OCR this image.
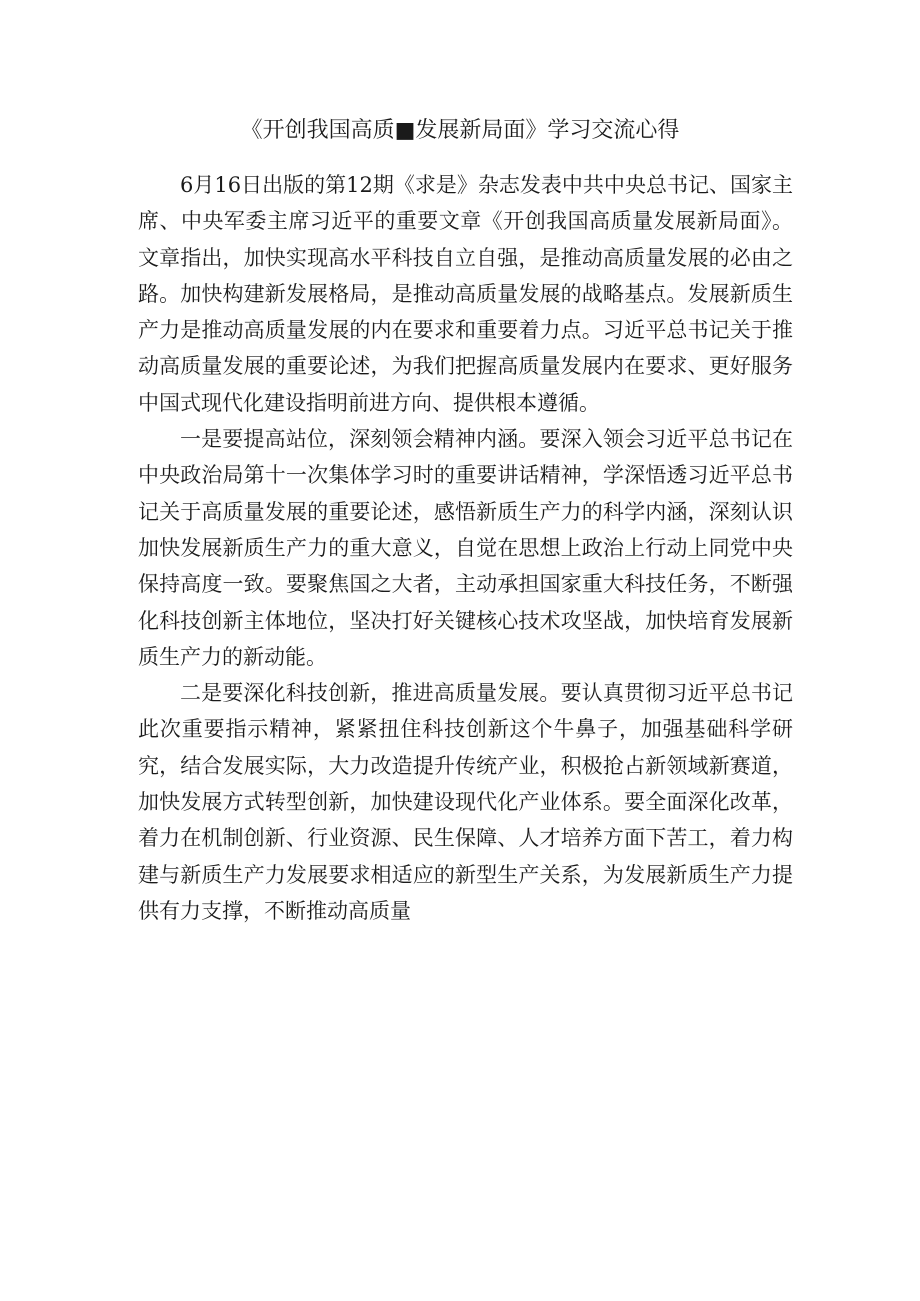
《开创我国高质■发展新局面》学习交流心得

6月16日出版的第12期《求是》杂志发表中共中央总书记、国家主席、中央军委主席习近平的重要文章《开创我国高质量发展新局面》。文章指出，加快实现高水平科技自立自强，是推动高质量发展的必由之路。加快构建新发展格局，是推动高质量发展的战略基点。发展新质生产力是推动高质量发展的内在要求和重要着力点。习近平总书记关于推动高质量发展的重要论述，为我们把握高质量发展内在要求、更好服务中国式现代化建设指明前进方向、提供根本遵循。

一是要提高站位，深刻领会精神内涵。要深入领会习近平总书记在中央政治局第十一次集体学习时的重要讲话精神，学深悟透习近平总书记关于高质量发展的重要论述，感悟新质生产力的科学内涵，深刻认识加快发展新质生产力的重大意义，自觉在思想上政治上行动上同党中央保持高度一致。要聚焦国之大者，主动承担国家重大科技任务，不断强化科技创新主体地位，坚决打好关键核心技术攻坚战，加快培育发展新质生产力的新动能。

二是要深化科技创新，推进高质量发展。要认真贯彻习近平总书记此次重要指示精神，紧紧扭住科技创新这个牛鼻子，加强基础科学研究，结合发展实际，大力改造提升传统产业，积极抢占新领域新赛道，加快发展方式转型创新，加快建设现代化产业体系。要全面深化改革，着力在机制创新、行业资源、民生保障、人才培养方面下苦工，着力构建与新质生产力发展要求相适应的新型生产关系，为发展新质生产力提供有力支撑，不断推动高质量
